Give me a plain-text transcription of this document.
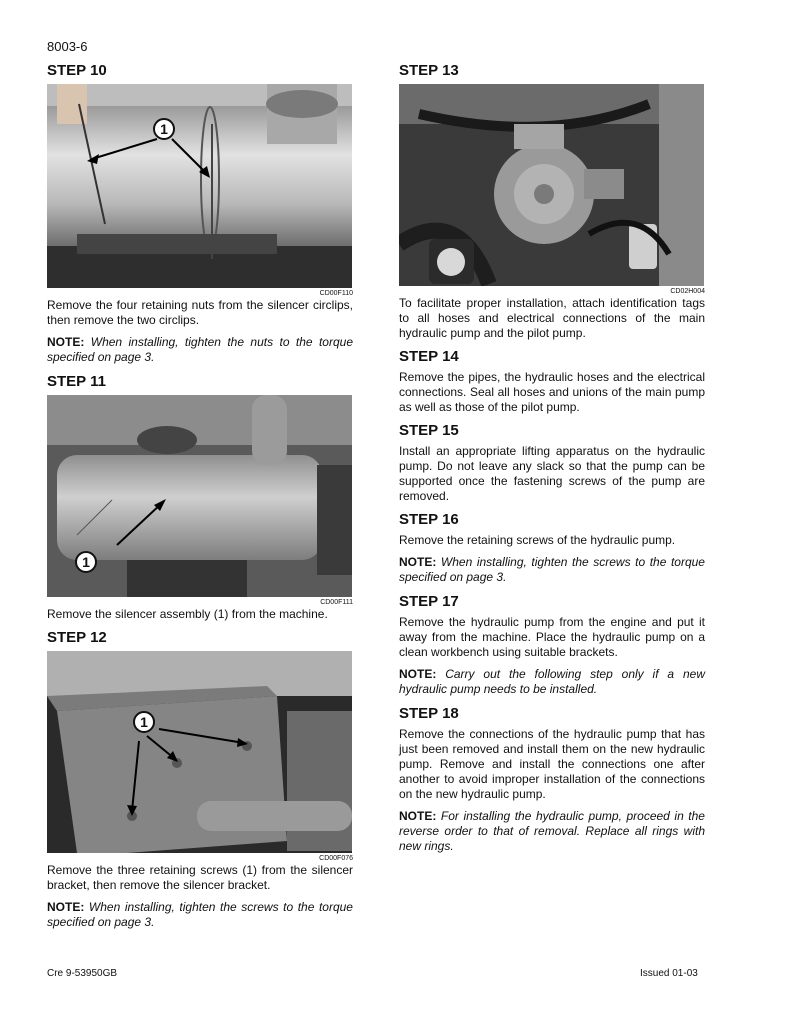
8003-6
STEP 10
1
CD00F110

Remove the four retaining nuts from the silencer circlips, then remove the two circlips.

NOTE: When installing, tighten the nuts to the torque specified on page 3.

STEP 11
1
CD00F111

Remove the silencer assembly (1) from the machine.

STEP 12
1
CD00F076

Remove the three retaining screws (1) from the silencer bracket, then remove the silencer bracket.

NOTE: When installing, tighten the screws to the torque specified on page 3.

STEP 13
CD02H004

To facilitate proper installation, attach identification tags to all hoses and electrical connections of the main hydraulic pump and the pilot pump.

STEP 14

Remove the pipes, the hydraulic hoses and the electrical connections. Seal all hoses and unions of the main pump as well as those of the pilot pump.

STEP 15

Install an appropriate lifting apparatus on the hydraulic pump. Do not leave any slack so that the pump can be supported once the fastening screws of the pump are removed.

STEP 16

Remove the retaining screws of the hydraulic pump.

NOTE: When installing, tighten the screws to the torque specified on page 3.

STEP 17

Remove the hydraulic pump from the engine and put it away from the machine. Place the hydraulic pump on a clean workbench using suitable brackets.

NOTE: Carry out the following step only if a new hydraulic pump needs to be installed.

STEP 18

Remove the connections of the hydraulic pump that has just been removed and install them on the new hydraulic pump. Remove and install the connections one after another to avoid improper installation of the connections on the new hydraulic pump.

NOTE: For installing the hydraulic pump, proceed in the reverse order to that of removal. Replace all rings with new rings.

Cre 9-53950GB	Issued 01-03
